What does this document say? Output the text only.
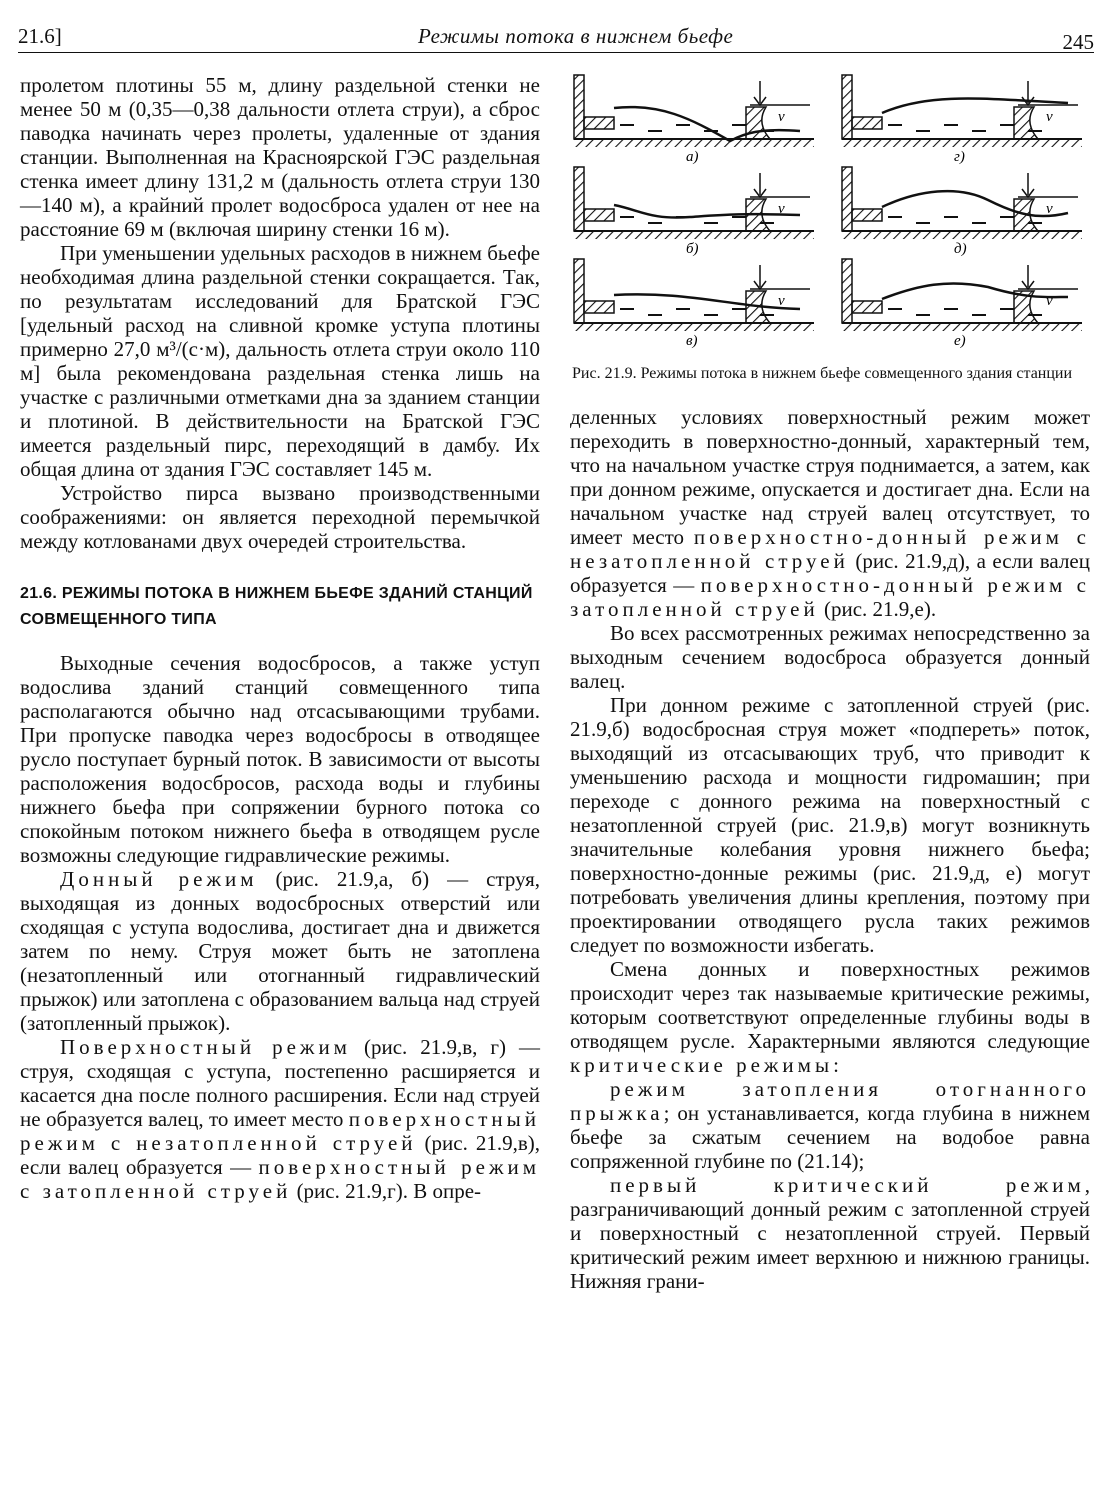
21.6]	Режимы потока в нижнем бьефе	245

пролетом плотины 55 м, длину раздельной стенки не менее 50 м (0,35—0,38 дальности отлета струи), а сброс паводка начинать через пролеты, удаленные от здания станции. Выполненная на Красноярской ГЭС раздельная стенка имеет длину 131,2 м (дальность отлета струи 130—140 м), а крайний пролет водосброса удален от нее на расстояние 69 м (включая ширину стенки 16 м).

При уменьшении удельных расходов в нижнем бьефе необходимая длина раздельной стенки сокращается. Так, по результатам исследований для Братской ГЭС [удельный расход на сливной кромке уступа плотины примерно 27,0 м³/(с·м), дальность отлета струи около 110 м] была рекомендована раздельная стенка лишь на участке с различными отметками дна за зданием станции и плотиной. В действительности на Братской ГЭС имеется раздельный пирс, переходящий в дамбу. Их общая длина от здания ГЭС составляет 145 м.

Устройство пирса вызвано производственными соображениями: он является переходной перемычкой между котлованами двух очередей строительства.

21.6. РЕЖИМЫ ПОТОКА В НИЖНЕМ БЬЕФЕ ЗДАНИЙ СТАНЦИЙ СОВМЕЩЕННОГО ТИПА

Выходные сечения водосбросов, а также уступ водослива зданий станций совмещенного типа располагаются обычно над отсасывающими трубами. При пропуске паводка через водосбросы в отводящее русло поступает бурный поток. В зависимости от высоты расположения водосбросов, расхода воды и глубины нижнего бьефа при сопряжении бурного потока со спокойным потоком нижнего бьефа в отводящем русле возможны следующие гидравлические режимы.

Донный режим (рис. 21.9,а, б) — струя, выходящая из донных водосбросных отверстий или сходящая с уступа водослива, достигает дна и движется затем по нему. Струя может быть не затоплена (незатопленный или отогнанный гидравлический прыжок) или затоплена с образованием вальца над струей (затопленный прыжок).

Поверхностный режим (рис. 21.9,в, г) — струя, сходящая с уступа, постепенно расширяется и касается дна после полного расширения. Если над струей не образуется валец, то имеет место поверхностный режим с незатопленной струей (рис. 21.9,в), если валец образуется — поверхностный режим с затопленной струей (рис. 21.9,г). В опре-

v
а)
v
б)
v
в)
v
г)
v
д)
v
е)

Рис. 21.9. Режимы потока в нижнем бьефе совмещенного здания станции

деленных условиях поверхностный режим может переходить в поверхностно-донный, характерный тем, что на начальном участке струя поднимается, а затем, как при донном режиме, опускается и достигает дна. Если на начальном участке над струей валец отсутствует, то имеет место поверхностно-донный режим с незатопленной струей (рис. 21.9,д), а если валец образуется — поверхностно-донный режим с затопленной струей (рис. 21.9,е).

Во всех рассмотренных режимах непосредственно за выходным сечением водосброса образуется донный валец.

При донном режиме с затопленной струей (рис. 21.9,б) водосбросная струя может «подпереть» поток, выходящий из отсасывающих труб, что приводит к уменьшению расхода и мощности гидромашин; при переходе с донного режима на поверхностный с незатопленной струей (рис. 21.9,в) могут возникнуть значительные колебания уровня нижнего бьефа; поверхностно-донные режимы (рис. 21.9,д, е) могут потребовать увеличения длины крепления, поэтому при проектировании отводящего русла таких режимов следует по возможности избегать.

Смена донных и поверхностных режимов происходит через так называемые критические режимы, которым соответствуют определенные глубины воды в отводящем русле. Характерными являются следующие критические режимы:

режим затопления отогнанного прыжка; он устанавливается, когда глубина в нижнем бьефе за сжатым сечением на водобое равна сопряженной глубине по (21.14);

первый критический режим, разграничивающий донный режим с затопленной струей и поверхностный с незатопленной струей. Первый критический режим имеет верхнюю и нижнюю границы. Нижняя грани-
